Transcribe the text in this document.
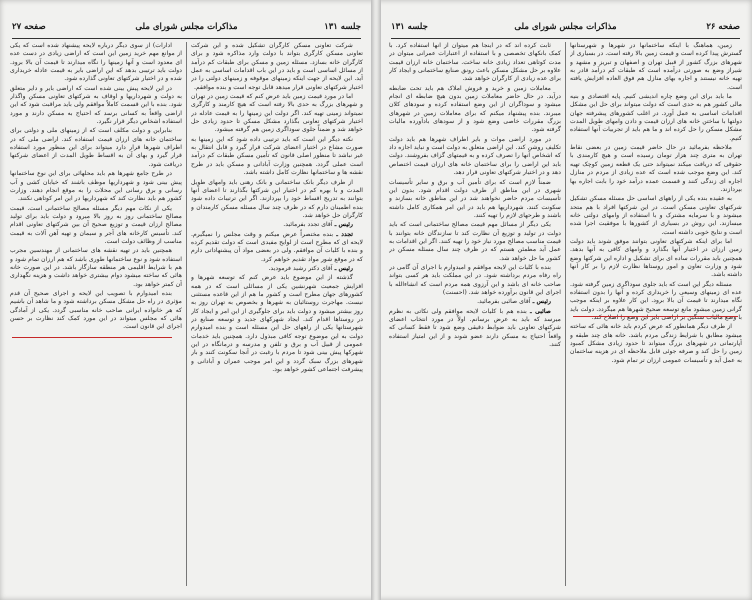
صفحه ۲۷	مذاکرات مجلس شورای ملی	جلسه ۱۳۱

شرکت تعاونی مسکن کارگران تشکیل شده و این شرکت تعاونی مسکن کارگری بتواند با دولت وارد مذاکره شود و برای کارگران خانه بسازد. مسئله زمین و مسکن برای طبقات کم درآمد از مسائل اساسی است و باید در این باب اقدامات اساسی به عمل آید. این لایحه از جهت اینکه زمینهای موقوفه و زمینهای دولتی را در اختیار شرکتهای تعاونی قرار میدهد قابل توجه است و بنده موافقم.

اما در مورد قیمت زمین باید عرض کنم که قیمت زمین در تهران و شهرهای بزرگ به حدی بالا رفته است که هیچ کارمند و کارگری نمیتواند زمینی تهیه کند. اگر دولت این زمینها را به قیمت عادله در اختیار شرکتهای تعاونی بگذارد مشکل مسکن تا حدود زیادی حل خواهد شد و ضمناً جلوی سوداگری زمین هم گرفته میشود.

نکته دیگر این است که باید ترتیبی داده شود که این زمینها به صورت مشاع در اختیار اعضای شرکت قرار گیرد و قابل انتقال به غیر نباشد تا منظور اصلی قانون که تأمین مسکن طبقات کم درآمد است عملی گردد. همچنین وزارت آبادانی و مسکن باید در طرح نقشه ها و ساختمانها نظارت کامل داشته باشد.

از طرف دیگر بانک ساختمانی و بانک رهنی باید وامهای طویل المدت و با بهره کم در اختیار این شرکتها بگذارند تا اعضای آنها بتوانند به تدریج اقساط خود را بپردازند. اگر این ترتیبات داده شود بنده اطمینان دارم که در ظرف چند سال مسئله مسکن کارمندان و کارگران حل خواهد شد.

رئیس ـ آقای تجدد بفرمائید.

تجدد ـ بنده مختصراً عرض میکنم و وقت مجلس را نمیگیرم. لایحه ای که مطرح است از لوایح مفیدی است که دولت تقدیم کرده و بنده با کلیات آن موافقم. ولی در بعضی مواد آن پیشنهاداتی دارم که در موقع شور مواد تقدیم خواهم کرد.

رئیس ـ آقای دکتر رشید فرمودید.

گذشته از این موضوع باید عرض کنم که توسعه شهرها و افزایش جمعیت شهرنشین یکی از مسائلی است که در همه کشورهای جهان مطرح است و کشور ما هم از این قاعده مستثنی نیست. مهاجرت روستائیان به شهرها و بخصوص به تهران روز به روز بیشتر میشود و دولت باید برای جلوگیری از این امر و ایجاد کار در روستاها اقدام کند. ایجاد شهرکهای جدید و توسعه صنایع در شهرستانها یکی از راههای حل این مسئله است و بنده امیدوارم دولت به این موضوع توجه کافی مبذول دارد. همچنین باید خدمات عمومی از قبیل آب و برق و تلفن و مدرسه و درمانگاه در این شهرکها پیش بینی شود تا مردم با رغبت در آنجا سکونت کنند و بار شهرهای بزرگ سبک گردد و این امر موجب عمران و آبادانی و پیشرفت اجتماعی کشور خواهد بود.

ادارات) از سوی دیگر درباره لایحه پیشنهاد شده است که یکی از موانع مهم خرید زمین این است که اراضی زیادی در دست عده ای معدود است و آنها زمینها را نگاه میدارند تا قیمت آن بالا برود. دولت باید ترتیبی بدهد که این اراضی بایر به قیمت عادله خریداری شده و در اختیار شرکتهای تعاونی گذارده شود.

در این لایحه پیش بینی شده است که اراضی بایر و دایر متعلق به دولت و شهرداریها و اوقاف به شرکتهای تعاونی مسکن واگذار شود. بنده با این قسمت کاملاً موافقم ولی باید مراقبت شود که این اراضی واقعاً به کسانی برسد که احتیاج به مسکن دارند و مورد استفاده اشخاص دیگر قرار نگیرد.

بنابراین و دولت مکلف است که از زمینهای ملی و دولتی برای ساختمان خانه های ارزان قیمت استفاده کند. اراضی ملی که در اطراف شهرها قرار دارد میتواند برای این منظور مورد استفاده قرار گیرد و بهای آن به اقساط طویل المدت از اعضای شرکتها دریافت شود.

در طرح جامع شهرها هم باید محلهائی برای این نوع ساختمانها پیش بینی شود و شهرداریها موظف باشند که خیابان کشی و آب رسانی و برق رسانی این محلات را به موقع انجام دهند. وزارت کشور هم باید نظارت کند که شهرداریها در این امر کوتاهی نکنند.

یکی از نکات مهم دیگر مسئله مصالح ساختمانی است. قیمت مصالح ساختمانی روز به روز بالا میرود و دولت باید برای تولید مصالح ارزان قیمت و توزیع صحیح آن بین شرکتهای تعاونی اقدام کند. تأسیس کارخانه های آجر و سیمان و تهیه آهن آلات به قیمت مناسب از وظائف دولت است.

همچنین باید در تهیه نقشه های ساختمانی از مهندسین مجرب استفاده شود و نوع ساختمانها طوری باشد که هم ارزان تمام شود و هم با شرایط اقلیمی هر منطقه سازگار باشد. در این صورت خانه هائی که ساخته میشود دوام بیشتری خواهد داشت و هزینه نگهداری آن کمتر خواهد بود.

بنده امیدوارم با تصویب این لایحه و اجرای صحیح آن قدم مؤثری در راه حل مشکل مسکن برداشته شود و ما شاهد آن باشیم که هر خانواده ایرانی صاحب خانه مناسبی گردد. یکی از آمادگی هائی که مجلس میتواند در این مورد کمک کند نظارت بر حسن اجرای این قانون است.

صفحه ۲۶
مذاکرات مجلس شورای ملی
جلسه ۱۳۱

زمین، هماهنگ با اینکه ساختمانها در شهرها و شهرستانها گسترش پیدا کرده است و قیمت زمین بالا رفته است. در بسیاری از شهرهای بزرگ کشور از قبیل تهران و اصفهان و تبریز و مشهد و شیراز وضع به صورتی درآمده است که طبقات کم درآمد قادر به تهیه خانه نیستند و اجاره بهای منازل هم فوق العاده افزایش یافته است.

ما باید برای این وضع چاره اندیشی کنیم. پایه اقتصادی و بنیه مالی کشور هم به حدی است که دولت میتواند برای حل این مشکل اقدامات اساسی به عمل آورد. در اغلب کشورهای پیشرفته جهان دولتها با ساختن خانه های ارزان قیمت و دادن وامهای طویل المدت مشکل مسکن را حل کرده اند و ما هم باید از تجربیات آنها استفاده کنیم.

ملاحظه بفرمائید در حال حاضر قیمت زمین در بعضی نقاط تهران به متری چند هزار تومان رسیده است و هیچ کارمندی با حقوقی که دریافت میکند نمیتواند حتی یک قطعه زمین کوچک تهیه کند. این وضع موجب شده است که عده زیادی از مردم در منازل اجاره ای زندگی کنند و قسمت عمده درآمد خود را بابت اجاره بها بپردازند.

به عقیده بنده یکی از راههای اساسی حل مسئله مسکن تشکیل شرکتهای تعاونی مسکن است. در این شرکتها افراد با هم متحد میشوند و با سرمایه مشترک و با استفاده از وامهای دولتی خانه میسازند. این روش در بسیاری از کشورها با موفقیت اجرا شده است و نتایج خوبی داشته است.

اما برای اینکه شرکتهای تعاونی بتوانند موفق شوند باید دولت زمین ارزان در اختیار آنها بگذارد و وامهای کافی به آنها بدهد. همچنین باید مقررات ساده ای برای تشکیل و اداره این شرکتها وضع شود و وزارت تعاون و امور روستاها نظارت لازم را بر کار آنها داشته باشد.

مسئله دیگر این است که باید جلوی سوداگری زمین گرفته شود. عده ای زمینهای وسیعی را خریداری کرده و آنها را بدون استفاده نگاه میدارند تا قیمت آن بالا برود. این کار علاوه بر اینکه موجب گرانی زمین میشود مانع توسعه صحیح شهرها هم میگردد. دولت باید با وضع مالیات سنگین بر اراضی بایر این وضع را اصلاح کند.

از طرف دیگر همانطور که عرض کردم باید خانه هائی که ساخته میشود مطابق با شرایط زندگی مردم باشد. خانه های چند طبقه و آپارتمانی در شهرهای بزرگ میتواند تا حدود زیادی مشکل کمبود زمین را حل کند و صرفه جوئی قابل ملاحظه ای در هزینه ساختمان به عمل آید و تأسیسات عمومی ارزان تر تمام شود.

ثابت کرده اند که در اینجا هم میتوان از آنها استفاده کرد. با کمک بانکهای تخصصی و با استفاده از اعتبارات عمرانی میتوان در مدت کوتاهی تعداد زیادی خانه ساخت. ساختمان خانه ارزان قیمت علاوه بر حل مشکل مسکن باعث رونق صنایع ساختمانی و ایجاد کار برای عده زیادی از کارگران خواهد شد.

معاملات زمین و خرید و فروش املاک هم باید تحت ضابطه درآید. در حال حاضر معاملات زمین بدون هیچ ضابطه ای انجام میشود و سوداگران از این وضع استفاده کرده و سودهای کلان میبرند. بنده پیشنهاد میکنم که برای معاملات زمین در شهرهای بزرگ مقررات خاصی وضع شود و از سودهای بادآورده مالیات گرفته شود.

در مورد اراضی موات و بایر اطراف شهرها هم باید دولت تکلیف روشن کند. این اراضی متعلق به دولت است و نباید اجازه داد که اشخاص آنها را تصرف کرده و به قیمتهای گزاف بفروشند. دولت باید این اراضی را برای ساختمان خانه های ارزان قیمت اختصاص دهد و در اختیار شرکتهای تعاونی قرار دهد.

ضمناً لازم است که برای تأمین آب و برق و سایر تأسیسات شهری در این مناطق از طرف دولت اقدام شود. بدون این تأسیسات مردم حاضر نخواهند شد در این مناطق خانه بسازند و سکونت کنند. شهرداریها هم باید در این امر همکاری کامل داشته باشند و طرحهای لازم را تهیه کنند.

یکی دیگر از مسائل مهم قیمت مصالح ساختمانی است که باید دولت در تولید و توزیع آن نظارت کند تا سازندگان خانه بتوانند با قیمت مناسب مصالح مورد نیاز خود را تهیه کنند. اگر این اقدامات به عمل آید مطمئن هستم که در ظرف چند سال مسئله مسکن در کشور ما حل خواهد شد.

بنده با کلیات این لایحه موافقم و امیدوارم با اجرای آن گامی در راه رفاه مردم برداشته شود. در این مملکت باید هر کسی بتواند صاحب خانه ای باشد و این آرزوی همه مردم است که انشاءالله با اجرای این قانون برآورده خواهد شد. (احسنت)

رئیس ـ آقای صائبی بفرمائید.

صائبی ـ بنده هم با کلیات لایحه موافقم ولی نکاتی به نظرم میرسد که باید به عرض برسانم. اولاً در مورد انتخاب اعضای شرکتهای تعاونی باید ضوابط دقیقی وضع شود تا فقط کسانی که واقعاً احتیاج به مسکن دارند عضو شوند و از این امتیاز استفاده کنند.
